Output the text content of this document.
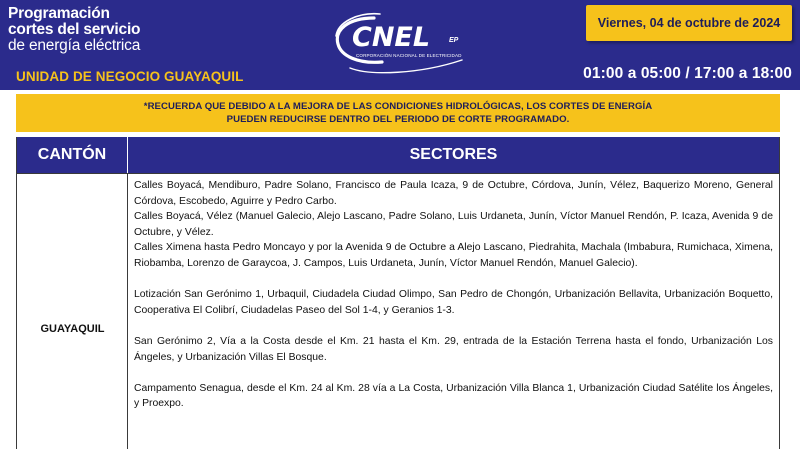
Programación
cortes del servicio
de energía eléctrica
UNIDAD DE NEGOCIO GUAYAQUIL
CNEL	EP
CORPORACIÓN NACIONAL DE ELECTRICIDAD
Viernes, 04 de octubre de 2024
01:00 a 05:00 / 17:00 a 18:00
*RECUERDA QUE DEBIDO A LA MEJORA DE LAS CONDICIONES HIDROLÓGICAS, LOS CORTES DE ENERGÍA
PUEDEN REDUCIRSE DENTRO DEL PERIODO DE CORTE PROGRAMADO.
CANTÓN	SECTORES
GUAYAQUIL

Calles Boyacá, Mendiburo, Padre Solano, Francisco de Paula Icaza, 9 de Octubre, Córdova, Junín, Vélez, Baquerizo Moreno, General Córdova, Escobedo, Aguirre y Pedro Carbo.

Calles Boyacá, Vélez (Manuel Galecio, Alejo Lascano, Padre Solano, Luis Urdaneta, Junín, Víctor Manuel Rendón, P. Icaza, Avenida 9 de Octubre, y Vélez.

Calles Ximena hasta Pedro Moncayo y por la Avenida 9 de Octubre a Alejo Lascano, Piedrahita, Machala (Imbabura, Rumichaca, Ximena, Riobamba, Lorenzo de Garaycoa, J. Campos, Luis Urdaneta, Junín, Víctor Manuel Rendón, Manuel Galecio).

Lotización San Gerónimo 1, Urbaquil, Ciudadela Ciudad Olimpo, San Pedro de Chongón, Urbanización Bellavita, Urbanización Boquetto, Cooperativa El Colibrí, Ciudadelas Paseo del Sol 1-4, y Geranios 1-3.

San Gerónimo 2, Vía a la Costa desde el Km. 21 hasta el Km. 29, entrada de la Estación Terrena hasta el fondo, Urbanización Los Ángeles, y Urbanización Villas El Bosque.

Campamento Senagua, desde el Km. 24 al Km. 28 vía a La Costa, Urbanización Villa Blanca 1, Urbanización Ciudad Satélite los Ángeles, y Proexpo.
